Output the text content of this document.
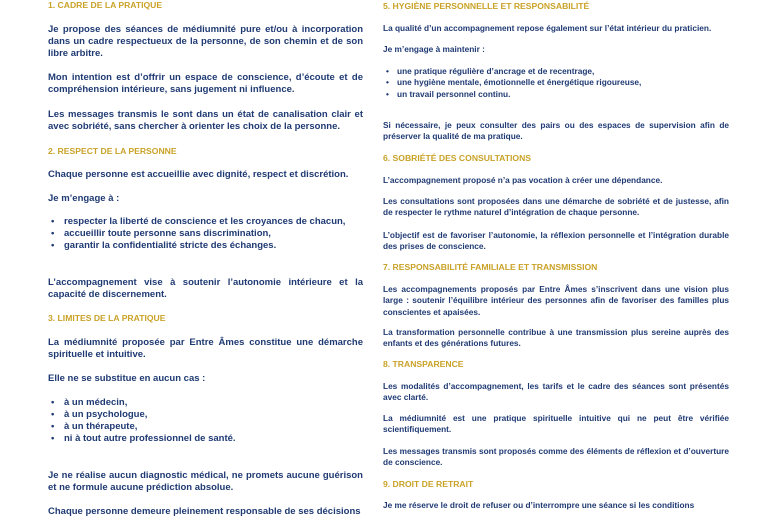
1. CADRE DE LA PRATIQUE

Je propose des séances de médiumnité pure et/ou à incorporation dans un cadre respectueux de la personne, de son chemin et de son libre arbitre.

Mon intention est d’offrir un espace de conscience, d’écoute et de compréhension intérieure, sans jugement ni influence.

Les messages transmis le sont dans un état de canalisation clair et avec sobriété, sans chercher à orienter les choix de la personne.

2. RESPECT DE LA PERSONNE

Chaque personne est accueillie avec dignité, respect et discrétion.

Je m’engage à :

• respecter la liberté de conscience et les croyances de chacun,
• accueillir toute personne sans discrimination,
• garantir la confidentialité stricte des échanges.

L’accompagnement vise à soutenir l’autonomie intérieure et la capacité de discernement.

3. LIMITES DE LA PRATIQUE

La médiumnité proposée par Entre Âmes constitue une démarche spirituelle et intuitive.

Elle ne se substitue en aucun cas :

• à un médecin,
• à un psychologue,
• à un thérapeute,
• ni à tout autre professionnel de santé.

Je ne réalise aucun diagnostic médical, ne promets aucune guérison et ne formule aucune prédiction absolue.

Chaque personne demeure pleinement responsable de ses décisions

5. HYGIÈNE PERSONNELLE ET RESPONSABILITÉ

La qualité d’un accompagnement repose également sur l’état intérieur du praticien.

Je m’engage à maintenir :

• une pratique régulière d’ancrage et de recentrage,
• une hygiène mentale, émotionnelle et énergétique rigoureuse,
• un travail personnel continu.

Si nécessaire, je peux consulter des pairs ou des espaces de supervision afin de préserver la qualité de ma pratique.

6. SOBRIÉTÉ DES CONSULTATIONS

L’accompagnement proposé n’a pas vocation à créer une dépendance.

Les consultations sont proposées dans une démarche de sobriété et de justesse, afin de respecter le rythme naturel d’intégration de chaque personne.

L’objectif est de favoriser l’autonomie, la réflexion personnelle et l’intégration durable des prises de conscience.

7. RESPONSABILITÉ FAMILIALE ET TRANSMISSION

Les accompagnements proposés par Entre Âmes s’inscrivent dans une vision plus large : soutenir l’équilibre intérieur des personnes afin de favoriser des familles plus conscientes et apaisées.

La transformation personnelle contribue à une transmission plus sereine auprès des enfants et des générations futures.

8. TRANSPARENCE

Les modalités d’accompagnement, les tarifs et le cadre des séances sont présentés avec clarté.

La médiumnité est une pratique spirituelle intuitive qui ne peut être vérifiée scientifiquement.

Les messages transmis sont proposés comme des éléments de réflexion et d’ouverture de conscience.

9. DROIT DE RETRAIT

Je me réserve le droit de refuser ou d’interrompre une séance si les conditions
